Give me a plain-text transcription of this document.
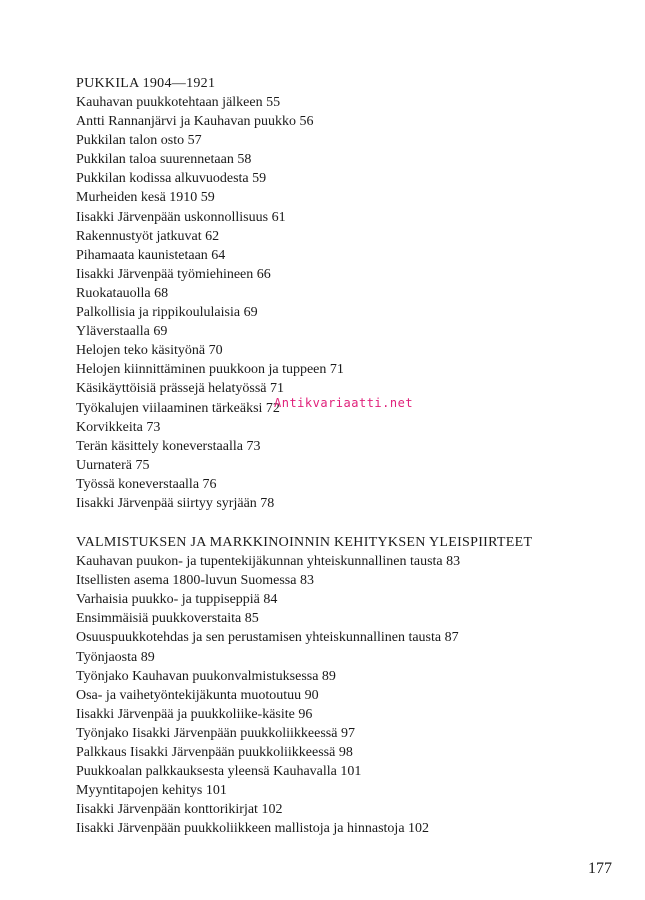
PUKKILA 1904—1921

Kauhavan puukkotehtaan jälkeen 55

Antti Rannanjärvi ja Kauhavan puukko 56

Pukkilan talon osto 57

Pukkilan taloa suurennetaan 58

Pukkilan kodissa alkuvuodesta 59

Murheiden kesä 1910 59

Iisakki Järvenpään uskonnollisuus 61

Rakennustyöt jatkuvat 62

Pihamaata kaunistetaan 64

Iisakki Järvenpää työmiehineen 66

Ruokatauolla 68

Palkollisia ja rippikoululaisia 69

Yläverstaalla 69

Helojen teko käsityönä 70

Helojen kiinnittäminen puukkoon ja tuppeen 71

Käsikäyttöisiä prässejä helatyössä 71

Työkalujen viilaaminen tärkeäksi 72

Korvikkeita 73

Terän käsittely koneverstaalla 73

Uurnaterä 75

Työssä koneverstaalla 76

Iisakki Järvenpää siirtyy syrjään 78

VALMISTUKSEN JA MARKKINOINNIN KEHITYKSEN YLEISPIIRTEET

Kauhavan puukon- ja tupentekijäkunnan yhteiskunnallinen tausta 83

Itsellisten asema 1800-luvun Suomessa 83

Varhaisia puukko- ja tuppiseppiä 84

Ensimmäisiä puukkoverstaita 85

Osuuspuukkotehdas ja sen perustamisen yhteiskunnallinen tausta 87

Työnjaosta 89

Työnjako Kauhavan puukonvalmistuksessa 89

Osa- ja vaihetyöntekijäkunta muotoutuu 90

Iisakki Järvenpää ja puukkoliike-käsite 96

Työnjako Iisakki Järvenpään puukkoliikkeessä 97

Palkkaus Iisakki Järvenpään puukkoliikkeessä 98

Puukkoalan palkkauksesta yleensä Kauhavalla 101

Myyntitapojen kehitys 101

Iisakki Järvenpään konttorikirjat 102

Iisakki Järvenpään puukkoliikkeen mallistoja ja hinnastoja 102

Antikvariaatti.net
177
